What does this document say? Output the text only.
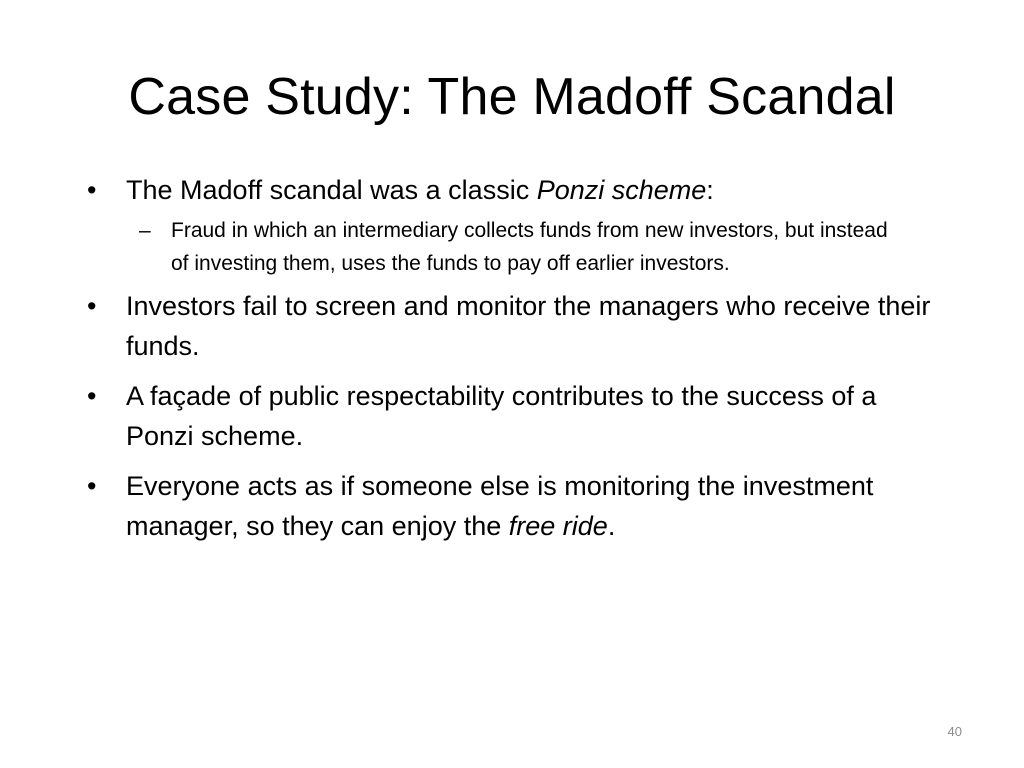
Case Study: The Madoff Scandal
•	The Madoff scandal was a classic Ponzi scheme:
– Fraud in which an intermediary collects funds from new investors, but instead of investing them, uses the funds to pay off earlier investors.
•	Investors fail to screen and monitor the managers who receive their funds.
•	A façade of public respectability contributes to the success of a Ponzi scheme.
•	Everyone acts as if someone else is monitoring the investment manager, so they can enjoy the free ride.
40
